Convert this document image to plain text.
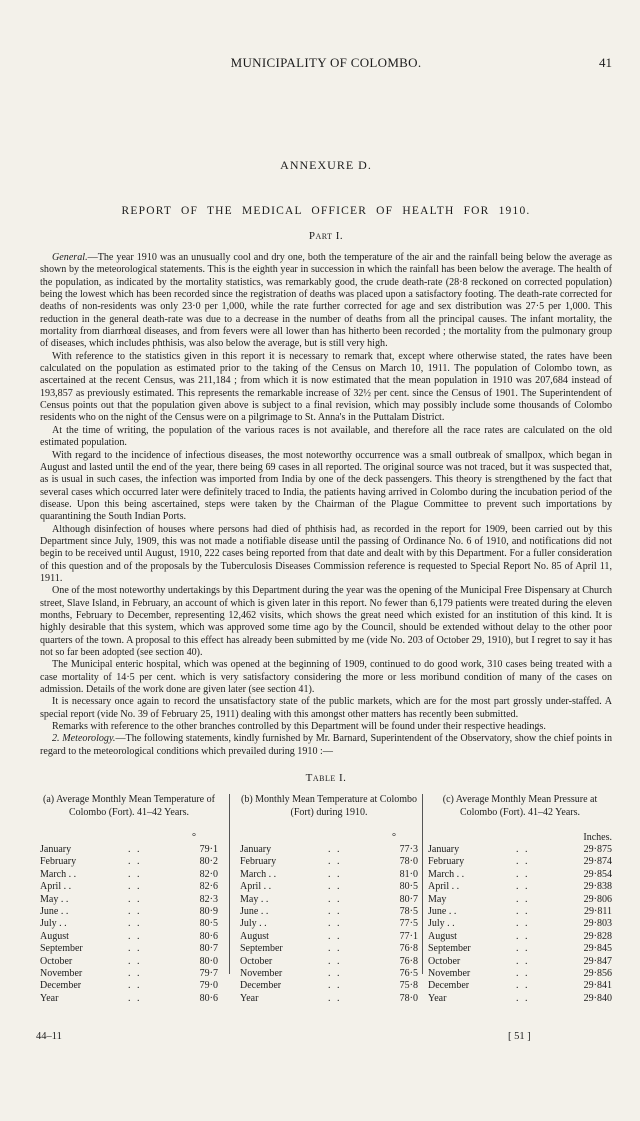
MUNICIPALITY OF COLOMBO.	41
ANNEXURE D.
REPORT OF THE MEDICAL OFFICER OF HEALTH FOR 1910.
Part I.

General.—The year 1910 was an unusually cool and dry one, both the temperature of the air and the rainfall being below the average as shown by the meteorological statements. This is the eighth year in succession in which the rainfall has been below the average. The health of the population, as indicated by the mortality statistics, was remarkably good, the crude death-rate (28·8 reckoned on corrected population) being the lowest which has been recorded since the registration of deaths was placed upon a satisfactory footing. The death-rate corrected for deaths of non-residents was only 23·0 per 1,000, while the rate further corrected for age and sex distribution was 27·5 per 1,000. This reduction in the general death-rate was due to a decrease in the number of deaths from all the principal causes. The infant mortality, the mortality from diarrhœal diseases, and from fevers were all lower than has hitherto been recorded ; the mortality from the pulmonary group of diseases, which includes phthisis, was also below the average, but is still very high.

With reference to the statistics given in this report it is necessary to remark that, except where otherwise stated, the rates have been calculated on the population as estimated prior to the taking of the Census on March 10, 1911. The population of Colombo town, as ascertained at the recent Census, was 211,184 ; from which it is now estimated that the mean population in 1910 was 207,684 instead of 193,857 as previously estimated. This represents the remarkable increase of 32½ per cent. since the Census of 1901. The Superintendent of Census points out that the population given above is subject to a final revision, which may possibly include some thousands of Colombo residents who on the night of the Census were on a pilgrimage to St. Anna's in the Puttalam District.

At the time of writing, the population of the various races is not available, and therefore all the race rates are calculated on the old estimated population.

With regard to the incidence of infectious diseases, the most noteworthy occurrence was a small outbreak of smallpox, which began in August and lasted until the end of the year, there being 69 cases in all reported. The original source was not traced, but it was suspected that, as is usual in such cases, the infection was imported from India by one of the deck passengers. This theory is strengthened by the fact that several cases which occurred later were definitely traced to India, the patients having arrived in Colombo during the incubation period of the disease. Upon this being ascertained, steps were taken by the Chairman of the Plague Committee to prevent such importations by quarantining the South Indian Ports.

Although disinfection of houses where persons had died of phthisis had, as recorded in the report for 1909, been carried out by this Department since July, 1909, this was not made a notifiable disease until the passing of Ordinance No. 6 of 1910, and notifications did not begin to be received until August, 1910, 222 cases being reported from that date and dealt with by this Department. For a fuller consideration of this question and of the proposals by the Tuberculosis Diseases Commission reference is requested to Special Report No. 85 of April 11, 1911.

One of the most noteworthy undertakings by this Department during the year was the opening of the Municipal Free Dispensary at Church street, Slave Island, in February, an account of which is given later in this report. No fewer than 6,179 patients were treated during the eleven months, February to December, representing 12,462 visits, which shows the great need which existed for an institution of this kind. It is highly desirable that this system, which was approved some time ago by the Council, should be extended without delay to the other poor quarters of the town. A proposal to this effect has already been submitted by me (vide No. 203 of October 29, 1910), but I regret to say it has not so far been adopted (see section 40).

The Municipal enteric hospital, which was opened at the beginning of 1909, continued to do good work, 310 cases being treated with a case mortality of 14·5 per cent. which is very satisfactory considering the more or less moribund condition of many of the cases on admission. Details of the work done are given later (see section 41).

It is necessary once again to record the unsatisfactory state of the public markets, which are for the most part grossly under-staffed. A special report (vide No. 39 of February 25, 1911) dealing with this amongst other matters has recently been submitted.

Remarks with reference to the other branches controlled by this Department will be found under their respective headings.

2. Meteorology.—The following statements, kindly furnished by Mr. Barnard, Superintendent of the Observatory, show the chief points in regard to the meteorological conditions which prevailed during 1910 :—

Table I.
(a) Average Monthly Mean Temperature of Colombo (Fort). 41–42 Years.
°
January	. .	79·1
February	. .	80·2
March . .	. .	82·0
April . .	. .	82·6
May . .	. .	82·3
June . .	. .	80·9
July . .	. .	80·5
August	. .	80·6
September	. .	80·7
October	. .	80·0
November	. .	79·7
December	. .	79·0
Year	. .	80·6
(b) Monthly Mean Temperature at Colombo (Fort) during 1910.
°
January	. .	77·3
February	. .	78·0
March . .	. .	81·0
April . .	. .	80·5
May . .	. .	80·7
June . .	. .	78·5
July . .	. .	77·5
August	. .	77·1
September	. .	76·8
October	. .	76·8
November	. .	76·5
December	. .	75·8
Year	. .	78·0
(c) Average Monthly Mean Pressure at Colombo (Fort). 41–42 Years.
Inches.
January	. .	29·875
February	. .	29·874
March . .	. .	29·854
April . .	. .	29·838
May	. .	29·806
June . .	. .	29·811
July . .	. .	29·803
August	. .	29·828
September	. .	29·845
October	. .	29·847
November	. .	29·856
December	. .	29·841
Year	. .	29·840
44–11	[ 51 ]
